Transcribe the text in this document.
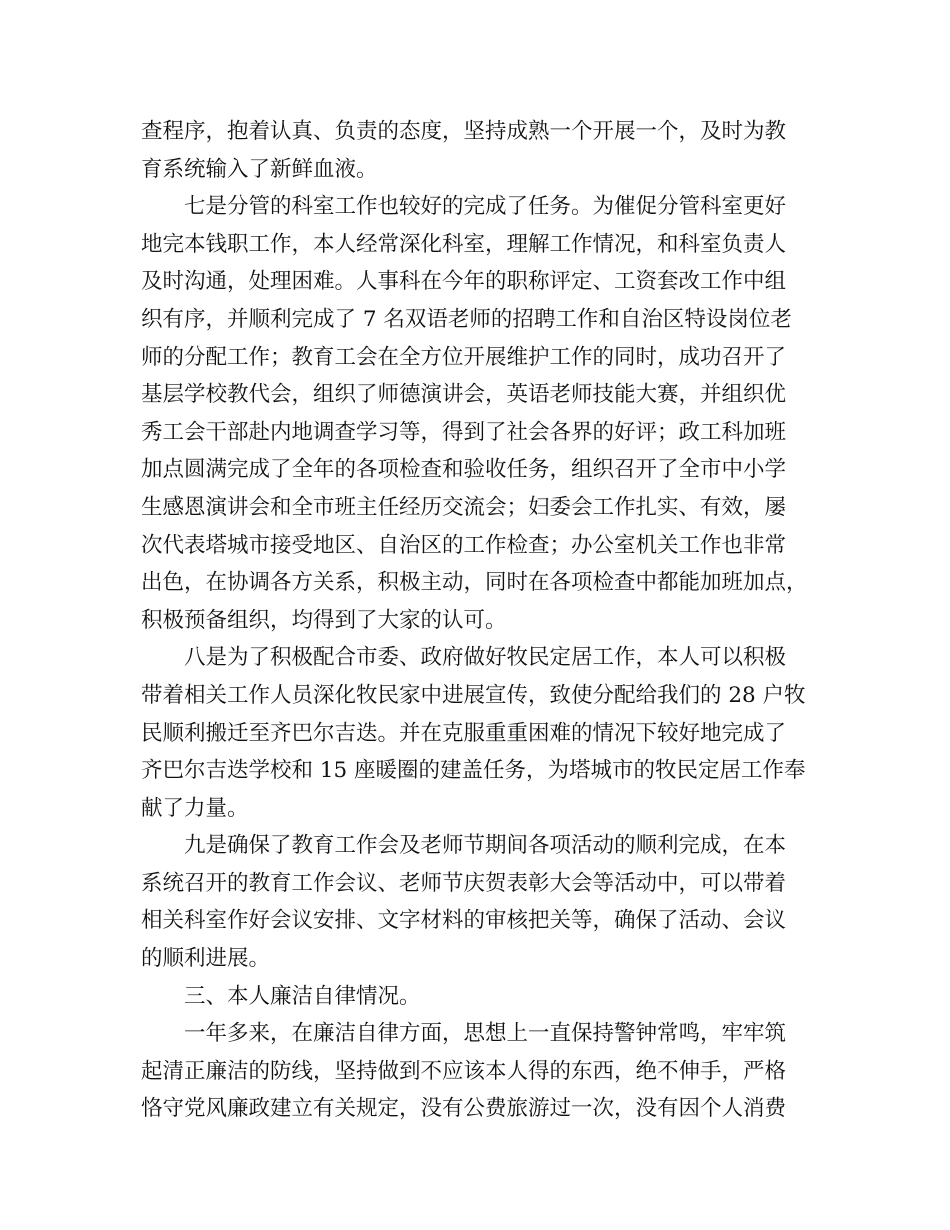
查程序，抱着认真、负责的态度，坚持成熟一个开展一个，及时为教
育系统输入了新鲜血液。
七是分管的科室工作也较好的完成了任务。为催促分管科室更好
地完本钱职工作，本人经常深化科室，理解工作情况，和科室负责人
及时沟通，处理困难。人事科在今年的职称评定、工资套改工作中组
织有序，并顺利完成了 7 名双语老师的招聘工作和自治区特设岗位老
师的分配工作；教育工会在全方位开展维护工作的同时，成功召开了
基层学校教代会，组织了师德演讲会，英语老师技能大赛，并组织优
秀工会干部赴内地调查学习等，得到了社会各界的好评；政工科加班
加点圆满完成了全年的各项检查和验收任务，组织召开了全市中小学
生感恩演讲会和全市班主任经历交流会；妇委会工作扎实、有效，屡
次代表塔城市接受地区、自治区的工作检查；办公室机关工作也非常
出色，在协调各方关系，积极主动，同时在各项检查中都能加班加点，
积极预备组织，均得到了大家的认可。
八是为了积极配合市委、政府做好牧民定居工作，本人可以积极
带着相关工作人员深化牧民家中进展宣传，致使分配给我们的 28 户牧
民顺利搬迁至齐巴尔吉迭。并在克服重重困难的情况下较好地完成了
齐巴尔吉迭学校和 15 座暖圈的建盖任务，为塔城市的牧民定居工作奉
献了力量。
九是确保了教育工作会及老师节期间各项活动的顺利完成，在本
系统召开的教育工作会议、老师节庆贺表彰大会等活动中，可以带着
相关科室作好会议安排、文字材料的审核把关等，确保了活动、会议
的顺利进展。
三、本人廉洁自律情况。
一年多来，在廉洁自律方面，思想上一直保持警钟常鸣，牢牢筑
起清正廉洁的防线，坚持做到不应该本人得的东西，绝不伸手，严格
恪守党风廉政建立有关规定，没有公费旅游过一次，没有因个人消费
